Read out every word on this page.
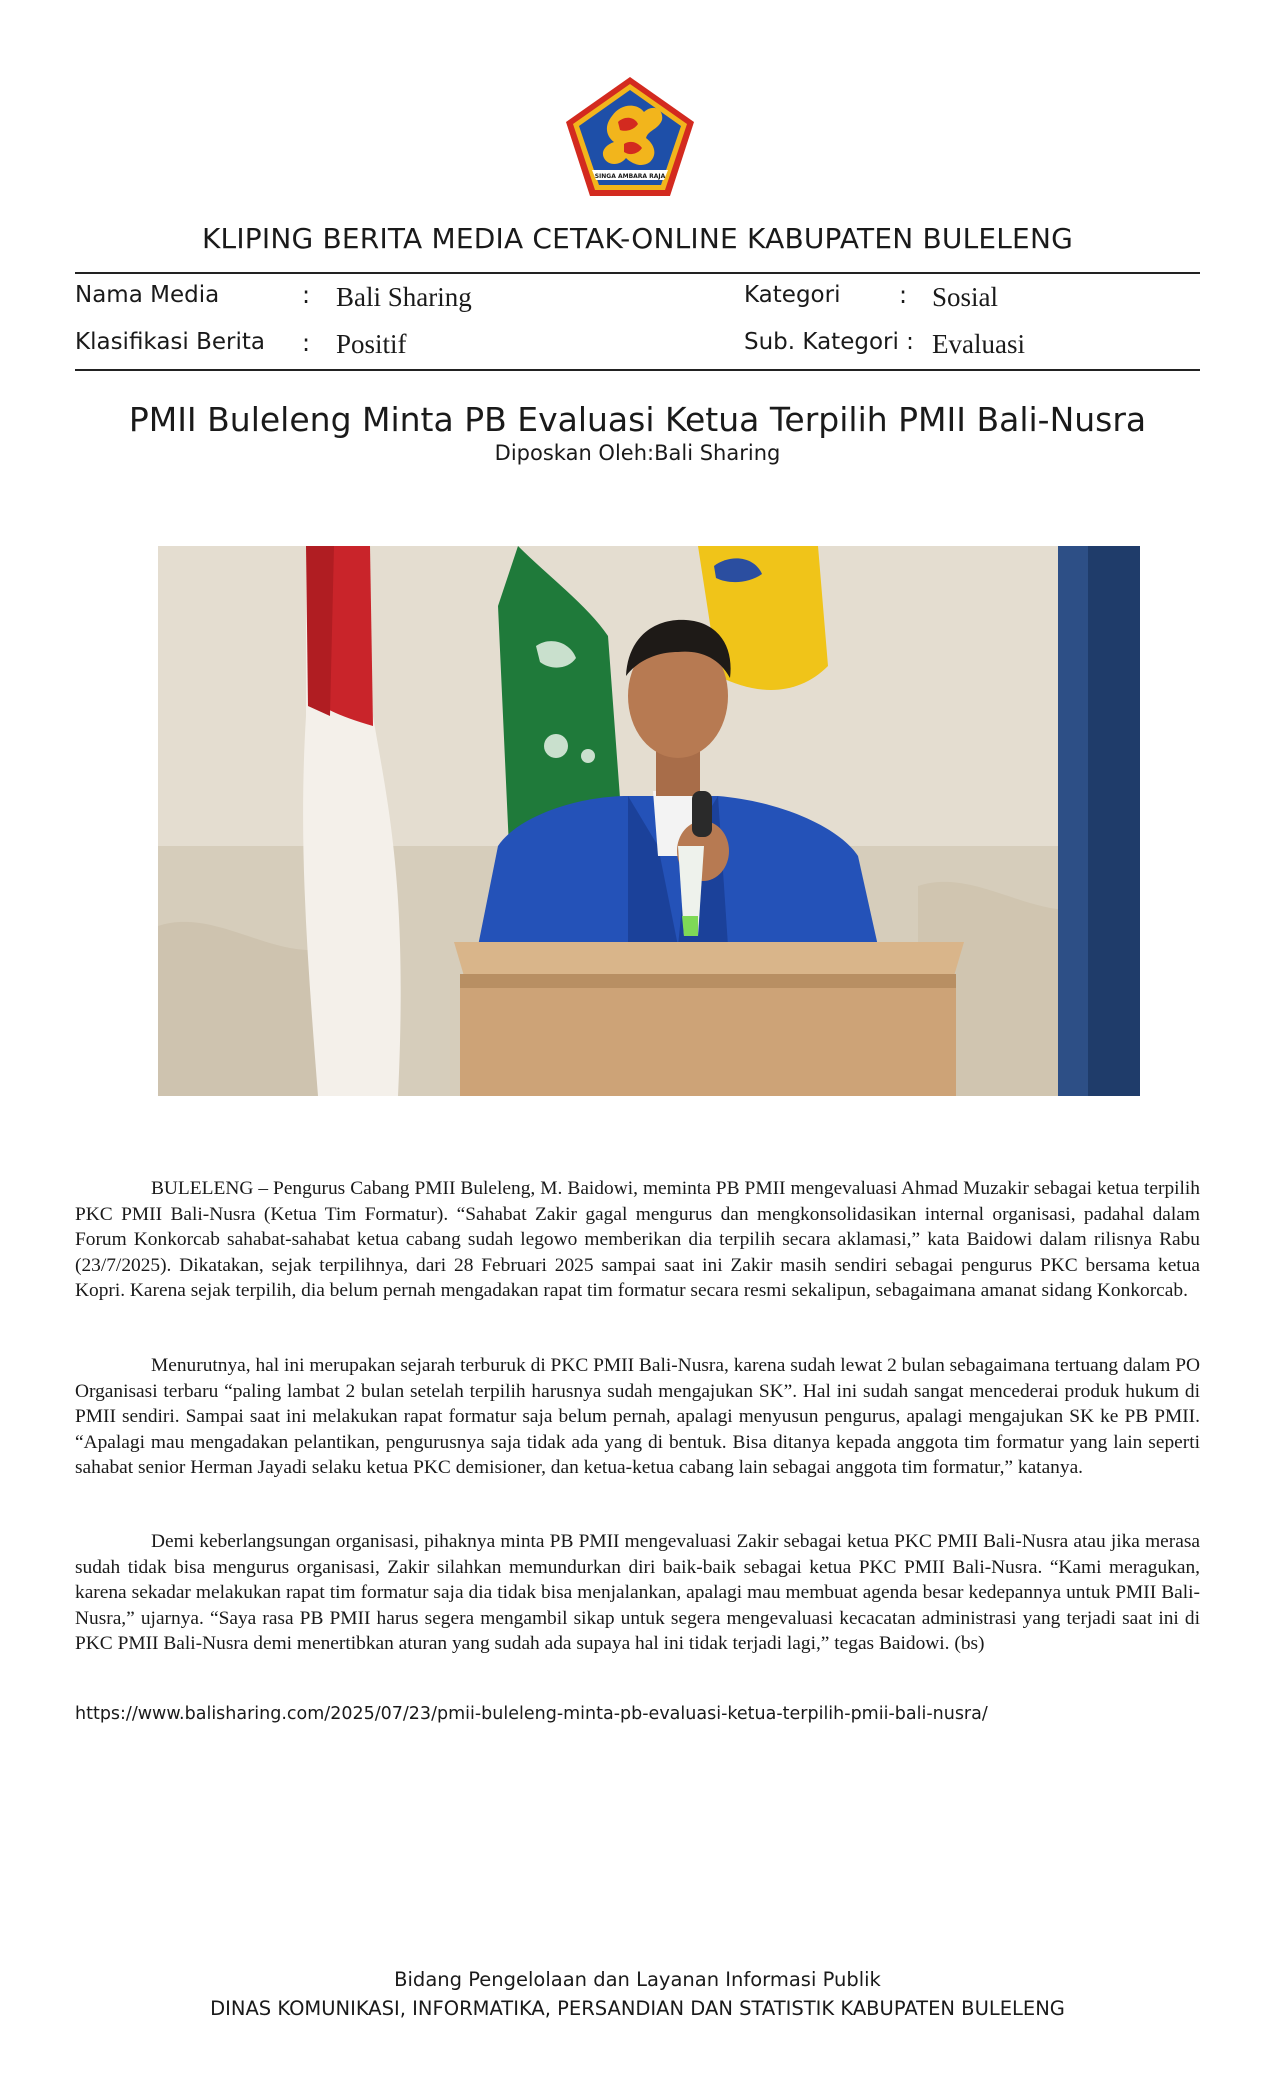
SINGA AMBARA RAJA
KLIPING BERITA MEDIA CETAK-ONLINE KABUPATEN BULELENG
Nama Media	: Bali Sharing	Kategori : Sosial
Klasifikasi Berita : Positif	Sub. Kategori : Evaluasi
PMII Buleleng Minta PB Evaluasi Ketua Terpilih PMII Bali-Nusra
Diposkan Oleh:Bali Sharing
BULELENG – Pengurus Cabang PMII Buleleng, M. Baidowi, meminta PB PMII mengevaluasi Ahmad Muzakir sebagai ketua terpilih PKC PMII Bali-Nusra (Ketua Tim Formatur). “Sahabat Zakir gagal mengurus dan mengkonsolidasikan internal organisasi, padahal dalam Forum Konkorcab sahabat-sahabat ketua cabang sudah legowo memberikan dia terpilih secara aklamasi,” kata Baidowi dalam rilisnya Rabu (23/7/2025). Dikatakan, sejak terpilihnya, dari 28 Februari 2025 sampai saat ini Zakir masih sendiri sebagai pengurus PKC bersama ketua Kopri. Karena sejak terpilih, dia belum pernah mengadakan rapat tim formatur secara resmi sekalipun, sebagaimana amanat sidang Konkorcab.
Menurutnya, hal ini merupakan sejarah terburuk di PKC PMII Bali-Nusra, karena sudah lewat 2 bulan sebagaimana tertuang dalam PO Organisasi terbaru “paling lambat 2 bulan setelah terpilih harusnya sudah mengajukan SK”. Hal ini sudah sangat mencederai produk hukum di PMII sendiri. Sampai saat ini melakukan rapat formatur saja belum pernah, apalagi menyusun pengurus, apalagi mengajukan SK ke PB PMII. “Apalagi mau mengadakan pelantikan, pengurusnya saja tidak ada yang di bentuk. Bisa ditanya kepada anggota tim formatur yang lain seperti sahabat senior Herman Jayadi selaku ketua PKC demisioner, dan ketua-ketua cabang lain sebagai anggota tim formatur,” katanya.
Demi keberlangsungan organisasi, pihaknya minta PB PMII mengevaluasi Zakir sebagai ketua PKC PMII Bali-Nusra atau jika merasa sudah tidak bisa mengurus organisasi, Zakir silahkan memundurkan diri baik-baik sebagai ketua PKC PMII Bali-Nusra. “Kami meragukan, karena sekadar melakukan rapat tim formatur saja dia tidak bisa menjalankan, apalagi mau membuat agenda besar kedepannya untuk PMII Bali-Nusra,” ujarnya. “Saya rasa PB PMII harus segera mengambil sikap untuk segera mengevaluasi kecacatan administrasi yang terjadi saat ini di PKC PMII Bali-Nusra demi menertibkan aturan yang sudah ada supaya hal ini tidak terjadi lagi,” tegas Baidowi. (bs)
https://www.balisharing.com/2025/07/23/pmii-buleleng-minta-pb-evaluasi-ketua-terpilih-pmii-bali-nusra/
Bidang Pengelolaan dan Layanan Informasi Publik
DINAS KOMUNIKASI, INFORMATIKA, PERSANDIAN DAN STATISTIK KABUPATEN BULELENG
